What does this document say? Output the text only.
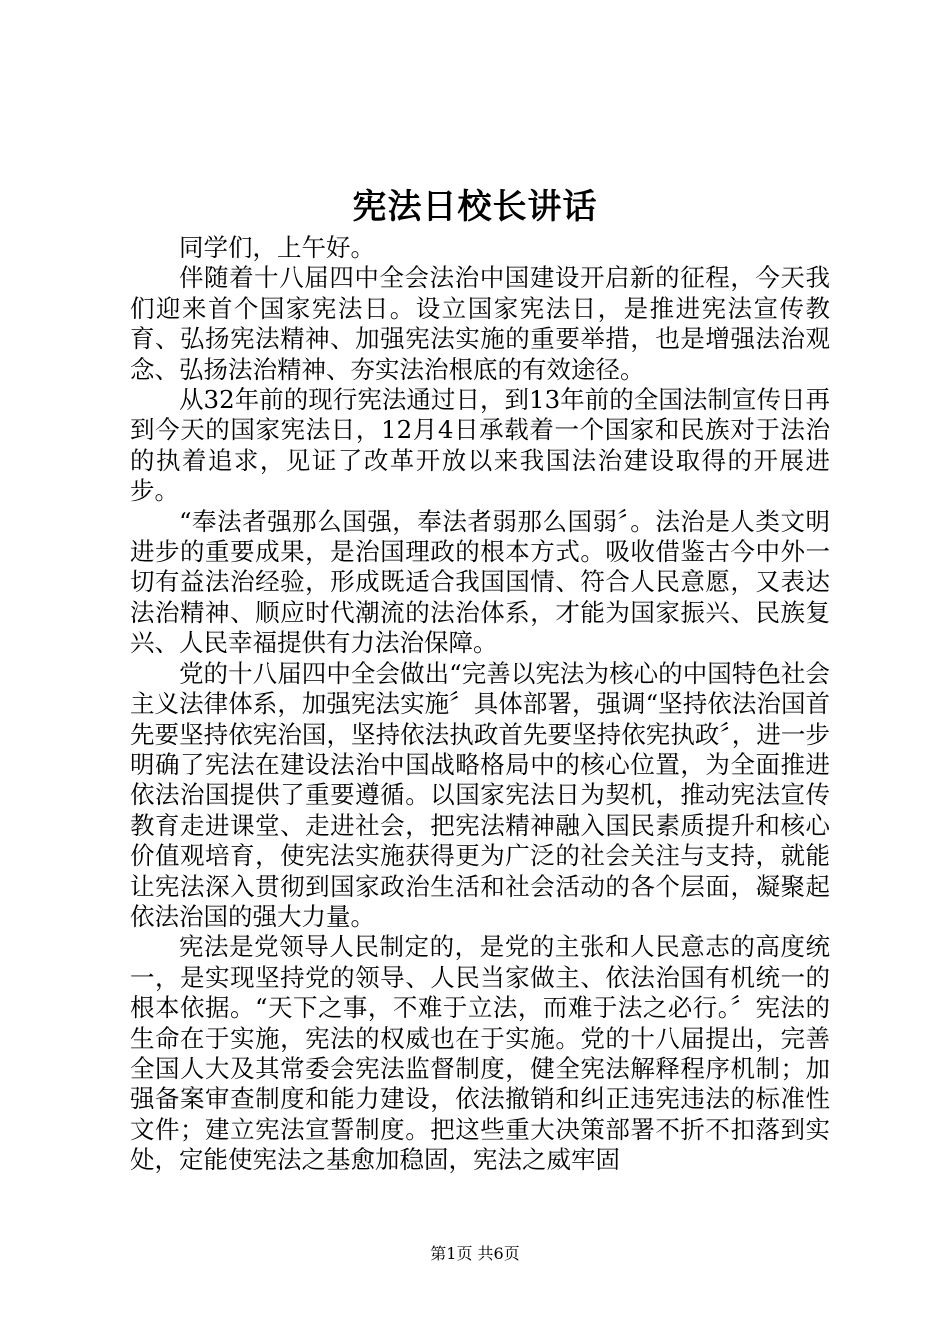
宪法日校长讲话

同学们，上午好。

伴随着十八届四中全会法治中国建设开启新的征程，今天我们迎来首个国家宪法日。设立国家宪法日，是推进宪法宣传教育、弘扬宪法精神、加强宪法实施的重要举措，也是增强法治观念、弘扬法治精神、夯实法治根底的有效途径。

从32年前的现行宪法通过日，到13年前的全国法制宣传日再到今天的国家宪法日，12月4日承载着一个国家和民族对于法治的执着追求，见证了改革开放以来我国法治建设取得的开展进步。

“奉法者强那么国强，奉法者弱那么国弱〞。法治是人类文明进步的重要成果，是治国理政的根本方式。吸收借鉴古今中外一切有益法治经验，形成既适合我国国情、符合人民意愿，又表达法治精神、顺应时代潮流的法治体系，才能为国家振兴、民族复兴、人民幸福提供有力法治保障。

党的十八届四中全会做出“完善以宪法为核心的中国特色社会主义法律体系，加强宪法实施〞具体部署，强调“坚持依法治国首先要坚持依宪治国，坚持依法执政首先要坚持依宪执政〞，进一步明确了宪法在建设法治中国战略格局中的核心位置，为全面推进依法治国提供了重要遵循。以国家宪法日为契机，推动宪法宣传教育走进课堂、走进社会，把宪法精神融入国民素质提升和核心价值观培育，使宪法实施获得更为广泛的社会关注与支持，就能让宪法深入贯彻到国家政治生活和社会活动的各个层面，凝聚起依法治国的强大力量。

宪法是党领导人民制定的，是党的主张和人民意志的高度统一，是实现坚持党的领导、人民当家做主、依法治国有机统一的根本依据。“天下之事，不难于立法，而难于法之必行。〞宪法的生命在于实施，宪法的权威也在于实施。党的十八届提出，完善全国人大及其常委会宪法监督制度，健全宪法解释程序机制；加强备案审查制度和能力建设，依法撤销和纠正违宪违法的标准性文件；建立宪法宣誓制度。把这些重大决策部署不折不扣落到实处，定能使宪法之基愈加稳固，宪法之威牢固

第1页 共6页
